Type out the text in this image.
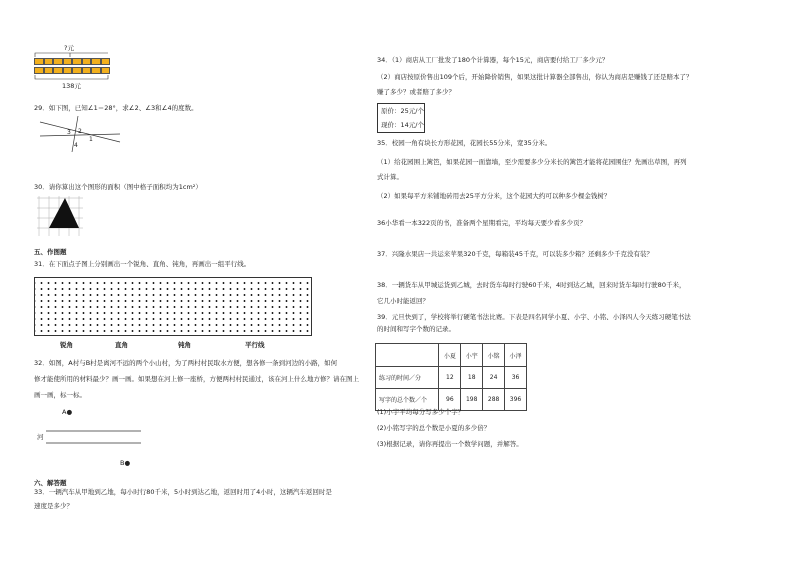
?元
138元
29．如下图，已知∠1＝28°，求∠2、∠3和∠4的度数。
3 2
4
1
30．请你算出这个图形的面积（图中格子面积均为1cm²）
五、作图题
31．在下面点子图上分别画出一个锐角、直角、钝角，再画出一组平行线。
锐角	直角	钝角	平行线
32．如图，A村与B村是离河不远的两个小山村，为了两村村民取水方便，想各修一条到河边的小路，如何
修才能使所用的材料最少？画一画。如果想在河上修一座桥，方便两村村民通过，该在河上什么地方修？请在图上
画一画，标一标。
A●
河
B●
六、解答题
33．一辆汽车从甲地到乙地，每小时行80千米，5小时到达乙地，返回时用了4小时，这辆汽车返回时是
速度是多少？
34．（1）商店从工厂批发了180个计算器，每个15元，商店要付给工厂多少元？
（2）商店按原价售出109个后，开始降价销售，如果这批计算器全部售出，你认为商店是赚钱了还是赔本了？
赚了多少？或者赔了多少？
原价：25元/个
现价：14元/个
35．校园一角有块长方形花园，花园长55分米，宽35分米。
（1）给花园围上篱笆，如果花园一面靠墙，至少需要多少分米长的篱笆才能将花园围住？先画出草图，再列
式计算。
（2）如果每平方米铺地砖用去25平方分米，这个花园大约可以种多少棵金钱树？
36小华看一本322页的书，准备两个星期看完，平均每天要少看多少页？
37．兴隆水果店一共运来苹果320千克，每箱装45千克，可以装多少箱？还剩多少千克没有装？
38．一辆货车从甲城运货到乙城，去时货车每时行驶60千米，4时到达乙城，回来时货车每时行驶80千米，
它几小时能返回？
39．元旦快到了，学校将举行硬笔书法比赛。下表是四名同学小夏、小宇、小铭、小泽四人今天练习硬笔书法
的时间和写字个数的记录。
	小夏	小宇	小铭	小泽
练习的时间／分	12	18	24	36
写字的总个数／个	96	198	288	396
(1)小宇平均每分写多少个字？
(2)小铭写字的总个数是小夏的多少倍？
(3)根据记录，请你再提出一个数学问题，并解答。
